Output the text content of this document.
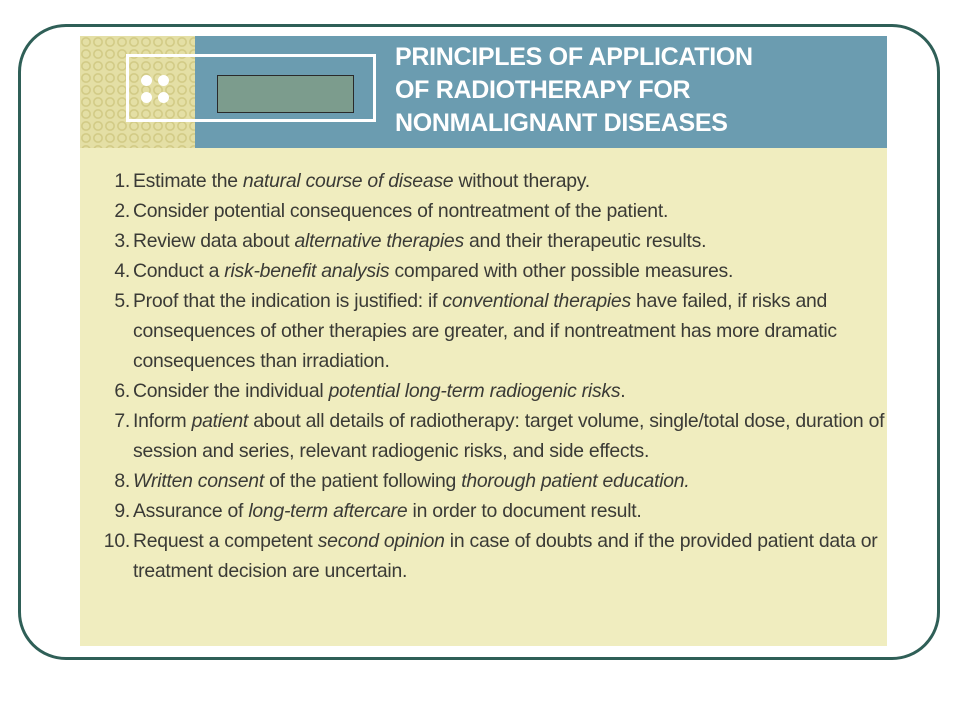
PRINCIPLES OF APPLICATION OF RADIOTHERAPY FOR NONMALIGNANT DISEASES
1. Estimate the natural course of disease without therapy.
2. Consider potential consequences of nontreatment of the patient.
3. Review data about alternative therapies and their therapeutic results.
4. Conduct a risk-benefit analysis compared with other possible measures.
5. Proof that the indication is justified: if conventional therapies have failed, if risks and consequences of other therapies are greater, and if nontreatment has more dramatic consequences than irradiation.
6. Consider the individual potential long-term radiogenic risks.
7. Inform patient about all details of radiotherapy: target volume, single/total dose, duration of session and series, relevant radiogenic risks, and side effects.
8. Written consent of the patient following thorough patient education.
9. Assurance of long-term aftercare in order to document result.
10. Request a competent second opinion in case of doubts and if the provided patient data or treatment decision are uncertain.
